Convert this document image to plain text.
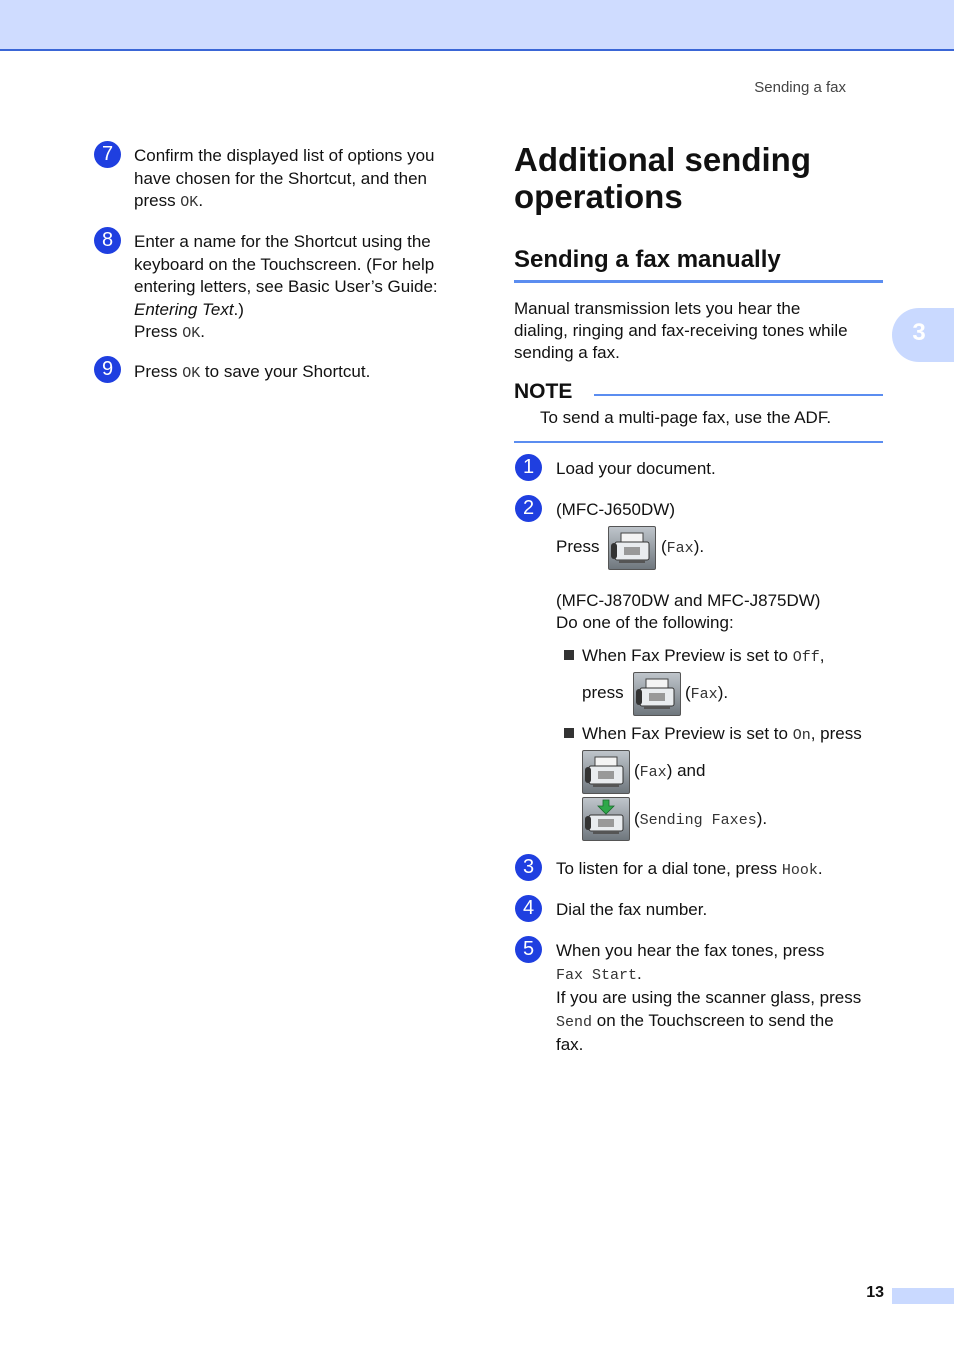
Sending a fax
3
13
7	Confirm the displayed list of options you
have chosen for the Shortcut, and then
press OK.
8	Enter a name for the Shortcut using the
keyboard on the Touchscreen. (For help
entering letters, see Basic User’s Guide:
Entering Text.)
Press OK.
9	Press OK to save your Shortcut.
Additional sending
operations
Sending a fax manually
Manual transmission lets you hear the
dialing, ringing and fax-receiving tones while
sending a fax.
NOTE
To send a multi-page fax, use the ADF.
1	Load your document.
2	(MFC-J650DW)
Press	(Fax).
(MFC-J870DW and MFC-J875DW)
Do one of the following:
When Fax Preview is set to Off,
press	(Fax).
When Fax Preview is set to On, press
(Fax) and
(Sending Faxes).
3	To listen for a dial tone, press Hook.
4	Dial the fax number.
5	When you hear the fax tones, press
Fax Start.
If you are using the scanner glass, press
Send on the Touchscreen to send the
fax.
